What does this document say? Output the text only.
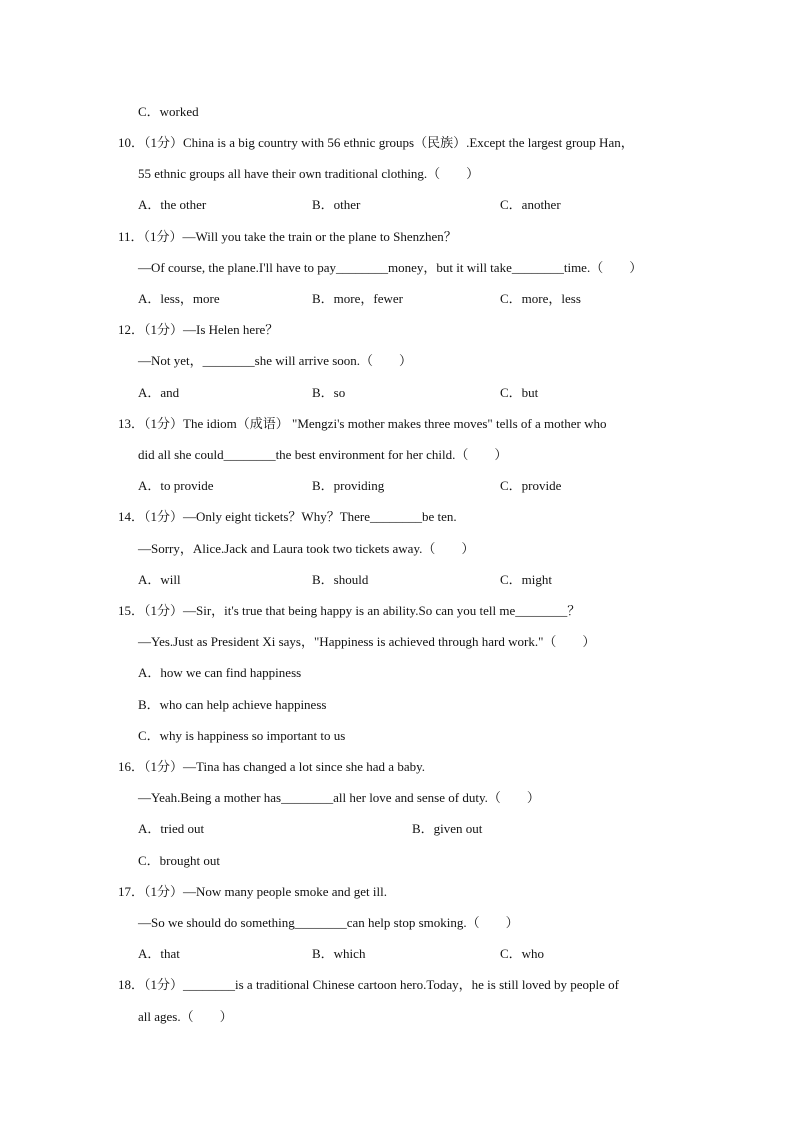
C．worked
10．（1分）China is a big country with 56 ethnic groups（民族）.Except the largest group Han，
55 ethnic groups all have their own traditional clothing.（　　）
A．the other	B．other	C．another
11．（1分）—Will you take the train or the plane to Shenzhen？
—Of course, the plane.I'll have to pay________money，but it will take________time.（　　）
A．less，more	B．more，fewer	C．more，less
12．（1分）—Is Helen here？
—Not yet，________she will arrive soon.（　　）
A．and	B．so	C．but
13．（1分）The idiom（成语） "Mengzi's mother makes three moves" tells of a mother who
did all she could________the best environment for her child.（　　）
A．to provide	B．providing	C．provide
14．（1分）—Only eight tickets？Why？There________be ten.
—Sorry，Alice.Jack and Laura took two tickets away.（　　）
A．will	B．should	C．might
15．（1分）—Sir，it's true that being happy is an ability.So can you tell me________？
—Yes.Just as President Xi says，"Happiness is achieved through hard work."（　　）
A．how we can find happiness
B．who can help achieve happiness
C．why is happiness so important to us
16．（1分）—Tina has changed a lot since she had a baby.
—Yeah.Being a mother has________all her love and sense of duty.（　　）
A．tried out	B．given out
C．brought out
17．（1分）—Now many people smoke and get ill.
—So we should do something________can help stop smoking.（　　）
A．that	B．which	C．who
18．（1分）________is a traditional Chinese cartoon hero.Today，he is still loved by people of
all ages.（　　）
